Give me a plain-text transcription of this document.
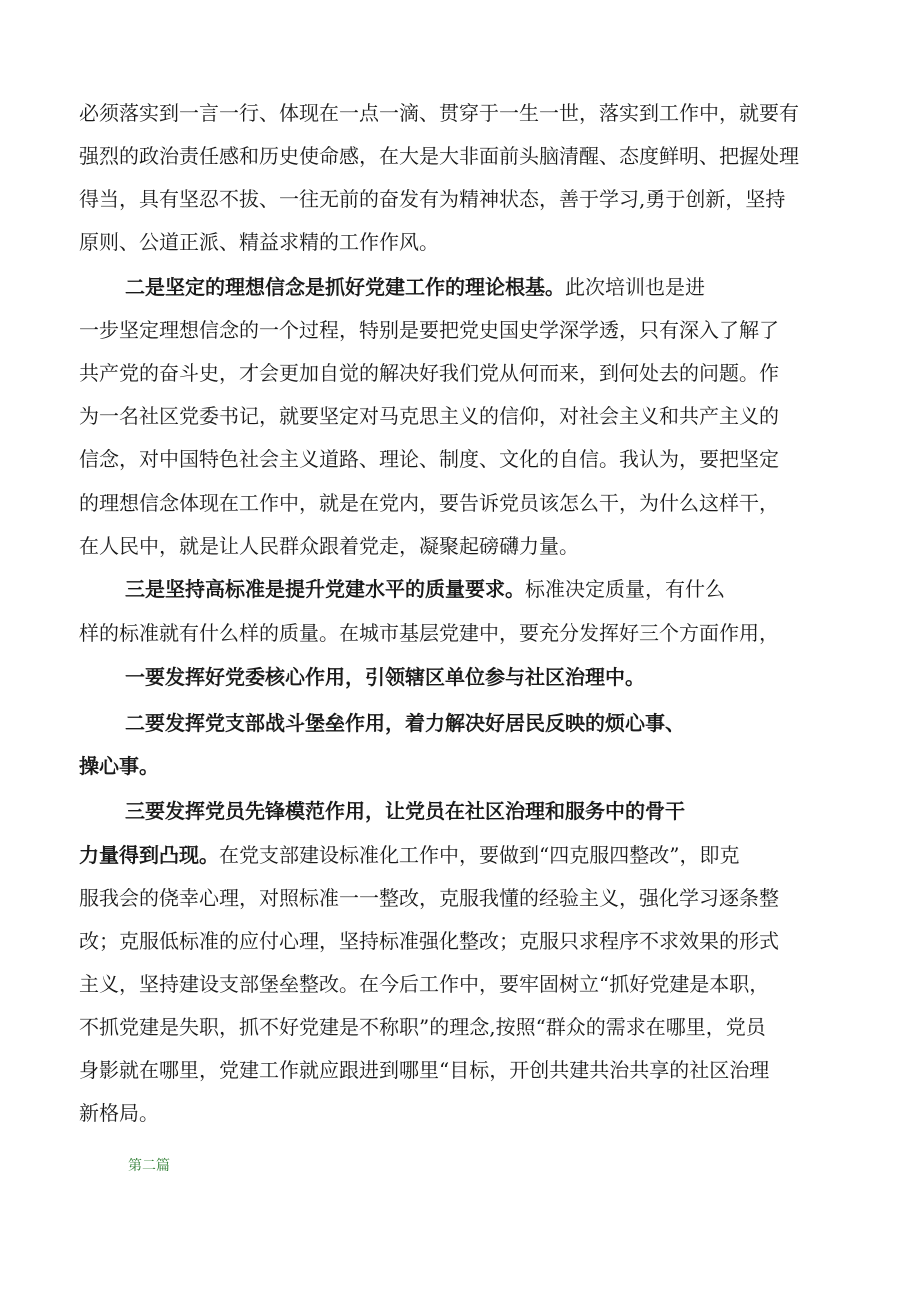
必须落实到一言一行、体现在一点一滴、贯穿于一生一世，落实到工作中，就要有
强烈的政治责任感和历史使命感，在大是大非面前头脑清醒、态度鲜明、把握处理
得当，具有坚忍不拔、一往无前的奋发有为精神状态，善于学习,勇于创新，坚持
原则、公道正派、精益求精的工作作风。
二是坚定的理想信念是抓好党建工作的理论根基。此次培训也是进
一步坚定理想信念的一个过程，特别是要把党史国史学深学透，只有深入了解了
共产党的奋斗史，才会更加自觉的解决好我们党从何而来，到何处去的问题。作
为一名社区党委书记，就要坚定对马克思主义的信仰，对社会主义和共产主义的
信念，对中国特色社会主义道路、理论、制度、文化的自信。我认为，要把坚定
的理想信念体现在工作中，就是在党内，要告诉党员该怎么干，为什么这样干，
在人民中，就是让人民群众跟着党走，凝聚起磅礴力量。
三是坚持高标准是提升党建水平的质量要求。标准决定质量，有什么
样的标准就有什么样的质量。在城市基层党建中，要充分发挥好三个方面作用，
一要发挥好党委核心作用，引领辖区单位参与社区治理中。
二要发挥党支部战斗堡垒作用，着力解决好居民反映的烦心事、
操心事。
三要发挥党员先锋模范作用，让党员在社区治理和服务中的骨干
力量得到凸现。在党支部建设标准化工作中，要做到“四克服四整改”，即克
服我会的侥幸心理，对照标准一一整改，克服我懂的经验主义，强化学习逐条整
改；克服低标准的应付心理，坚持标准强化整改；克服只求程序不求效果的形式
主义，坚持建设支部堡垒整改。在今后工作中，要牢固树立“抓好党建是本职，
不抓党建是失职，抓不好党建是不称职”的理念,按照“群众的需求在哪里，党员
身影就在哪里，党建工作就应跟进到哪里“目标，开创共建共治共享的社区治理
新格局。
第二篇
